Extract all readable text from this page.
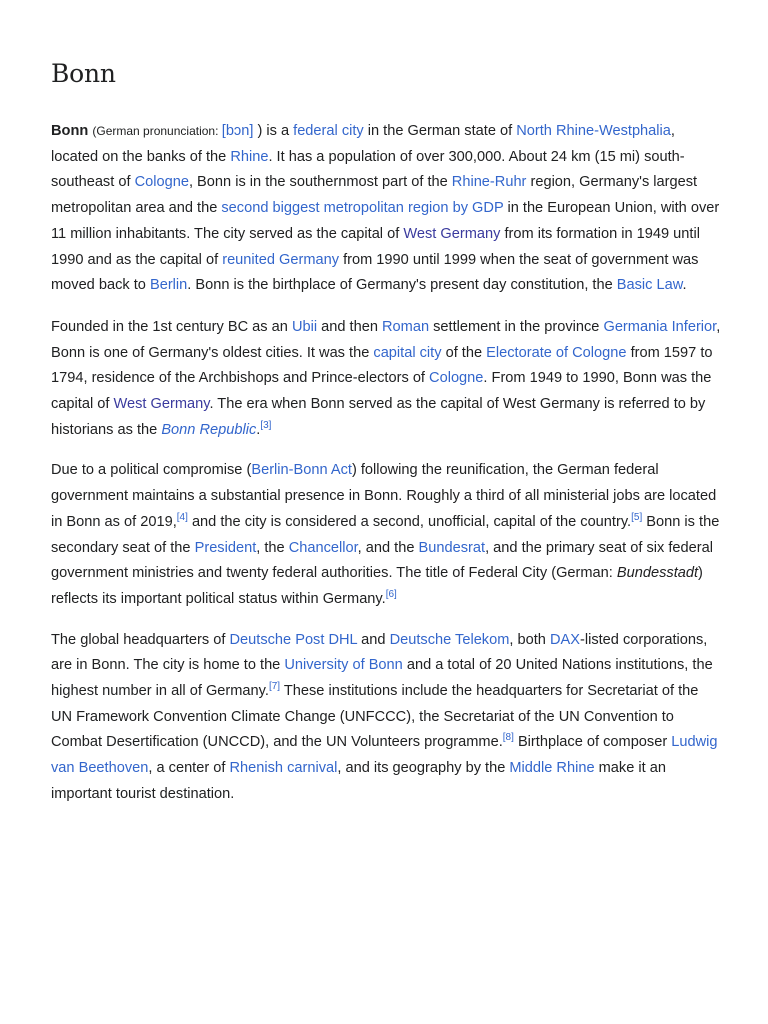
Bonn

Bonn (German pronunciation: [bɔn] ) is a federal city in the German state of North Rhine-Westphalia, located on the banks of the Rhine. It has a population of over 300,000. About 24 km (15 mi) south-southeast of Cologne, Bonn is in the southernmost part of the Rhine-Ruhr region, Germany's largest metropolitan area and the second biggest metropolitan region by GDP in the European Union, with over 11 million inhabitants. The city served as the capital of West Germany from its formation in 1949 until 1990 and as the capital of reunited Germany from 1990 until 1999 when the seat of government was moved back to Berlin. Bonn is the birthplace of Germany's present day constitution, the Basic Law.

Founded in the 1st century BC as an Ubii and then Roman settlement in the province Germania Inferior, Bonn is one of Germany's oldest cities. It was the capital city of the Electorate of Cologne from 1597 to 1794, residence of the Archbishops and Prince-electors of Cologne. From 1949 to 1990, Bonn was the capital of West Germany. The era when Bonn served as the capital of West Germany is referred to by historians as the Bonn Republic.[3]

Due to a political compromise (Berlin-Bonn Act) following the reunification, the German federal government maintains a substantial presence in Bonn. Roughly a third of all ministerial jobs are located in Bonn as of 2019,[4] and the city is considered a second, unofficial, capital of the country.[5] Bonn is the secondary seat of the President, the Chancellor, and the Bundesrat, and the primary seat of six federal government ministries and twenty federal authorities. The title of Federal City (German: Bundesstadt) reflects its important political status within Germany.[6]

The global headquarters of Deutsche Post DHL and Deutsche Telekom, both DAX-listed corporations, are in Bonn. The city is home to the University of Bonn and a total of 20 United Nations institutions, the highest number in all of Germany.[7] These institutions include the headquarters for Secretariat of the UN Framework Convention Climate Change (UNFCCC), the Secretariat of the UN Convention to Combat Desertification (UNCCD), and the UN Volunteers programme.[8] Birthplace of composer Ludwig van Beethoven, a center of Rhenish carnival, and its geography by the Middle Rhine make it an important tourist destination.
